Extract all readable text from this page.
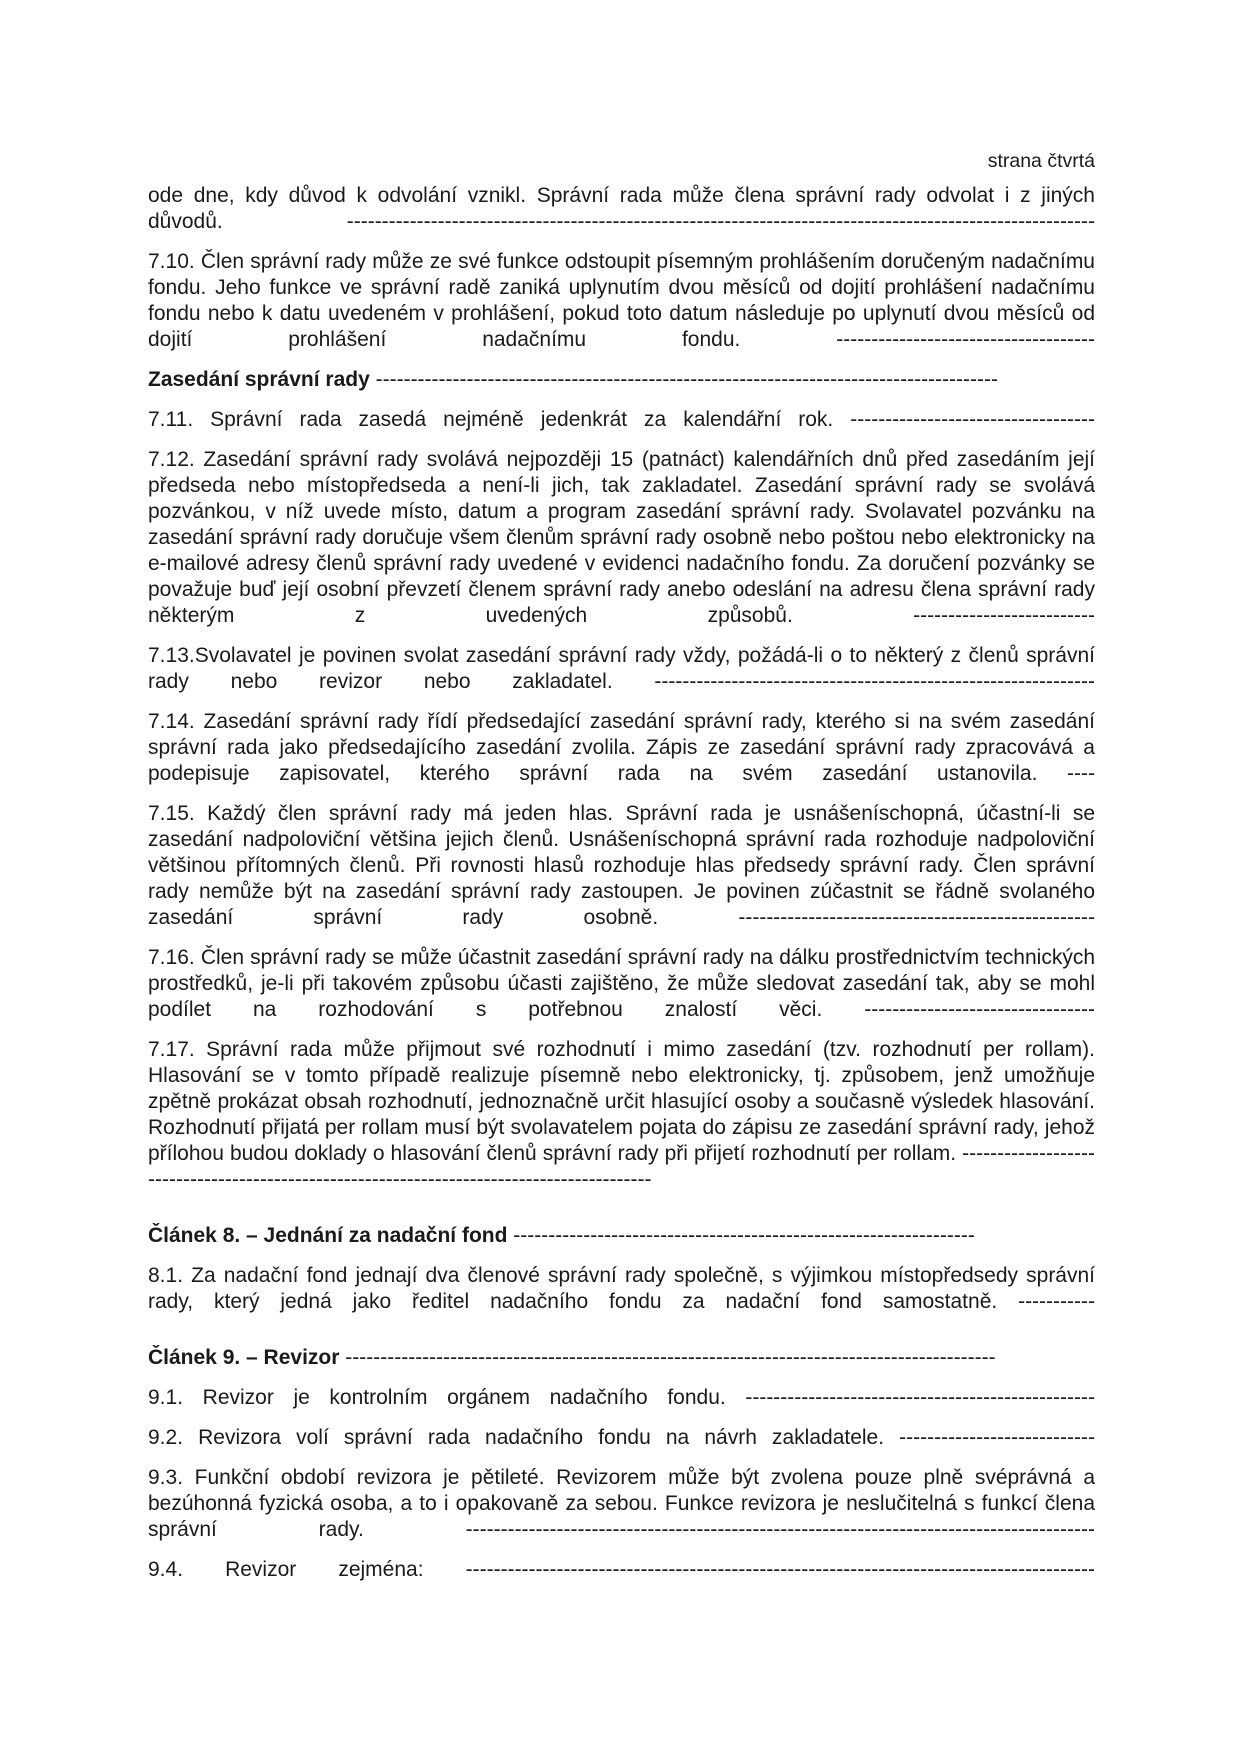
strana čtvrtá

ode dne, kdy důvod k odvolání vznikl. Správní rada může člena správní rady odvolat i z jiných důvodů. -----------------------------------------------------------------------------------------------------------

7.10. Člen správní rady může ze své funkce odstoupit písemným prohlášením doručeným nadačnímu fondu. Jeho funkce ve správní radě zaniká uplynutím dvou měsíců od dojití prohlášení nadačnímu fondu nebo k datu uvedeném v prohlášení, pokud toto datum následuje po uplynutí dvou měsíců od dojití prohlášení nadačnímu fondu. -------------------------------------

Zasedání správní rady -----------------------------------------------------------------------------------------

7.11. Správní rada zasedá nejméně jedenkrát za kalendářní rok. -----------------------------------

7.12. Zasedání správní rady svolává nejpozději 15 (patnáct) kalendářních dnů před zasedáním její předseda nebo místopředseda a není-li jich, tak zakladatel. Zasedání správní rady se svolává pozvánkou, v níž uvede místo, datum a program zasedání správní rady. Svolavatel pozvánku na zasedání správní rady doručuje všem členům správní rady osobně nebo poštou nebo elektronicky na e-mailové adresy členů správní rady uvedené v evidenci nadačního fondu. Za doručení pozvánky se považuje buď její osobní převzetí členem správní rady anebo odeslání na adresu člena správní rady některým z uvedených způsobů. --------------------------

7.13.Svolavatel je povinen svolat zasedání správní rady vždy, požádá-li o to některý z členů správní rady nebo revizor nebo zakladatel. ---------------------------------------------------------------

7.14. Zasedání správní rady řídí předsedající zasedání správní rady, kterého si na svém zasedání správní rada jako předsedajícího zasedání zvolila. Zápis ze zasedání správní rady zpracovává a podepisuje zapisovatel, kterého správní rada na svém zasedání ustanovila. ----

7.15. Každý člen správní rady má jeden hlas. Správní rada je usnášeníschopná, účastní-li se zasedání nadpoloviční většina jejich členů. Usnášeníschopná správní rada rozhoduje nadpoloviční většinou přítomných členů. Při rovnosti hlasů rozhoduje hlas předsedy správní rady. Člen správní rady nemůže být na zasedání správní rady zastoupen. Je povinen zúčastnit se řádně svolaného zasedání správní rady osobně. ---------------------------------------------------

7.16. Člen správní rady se může účastnit zasedání správní rady na dálku prostřednictvím technických prostředků, je-li při takovém způsobu účasti zajištěno, že může sledovat zasedání tak, aby se mohl podílet na rozhodování s potřebnou znalostí věci. ---------------------------------

7.17. Správní rada může přijmout své rozhodnutí i mimo zasedání (tzv. rozhodnutí per rollam). Hlasování se v tomto případě realizuje písemně nebo elektronicky, tj. způsobem, jenž umožňuje zpětně prokázat obsah rozhodnutí, jednoznačně určit hlasující osoby a současně výsledek hlasování. Rozhodnutí přijatá per rollam musí být svolavatelem pojata do zápisu ze zasedání správní rady, jehož přílohou budou doklady o hlasování členů správní rady při přijetí rozhodnutí per rollam. -------------------------------------------------------------------------------------------

Článek 8. – Jednání za nadační fond ------------------------------------------------------------------

8.1. Za nadační fond jednají dva členové správní rady společně, s výjimkou místopředsedy správní rady, který jedná jako ředitel nadačního fondu za nadační fond samostatně. -----------

Článek 9. – Revizor ---------------------------------------------------------------------------------------------

9.1. Revizor je kontrolním orgánem nadačního fondu. --------------------------------------------------

9.2. Revizora volí správní rada nadačního fondu na návrh zakladatele. ----------------------------

9.3. Funkční období revizora je pětileté. Revizorem může být zvolena pouze plně svéprávná a bezúhonná fyzická osoba, a to i opakovaně za sebou. Funkce revizora je neslučitelná s funkcí člena správní rady. ------------------------------------------------------------------------------------------

9.4. Revizor zejména: ------------------------------------------------------------------------------------------
